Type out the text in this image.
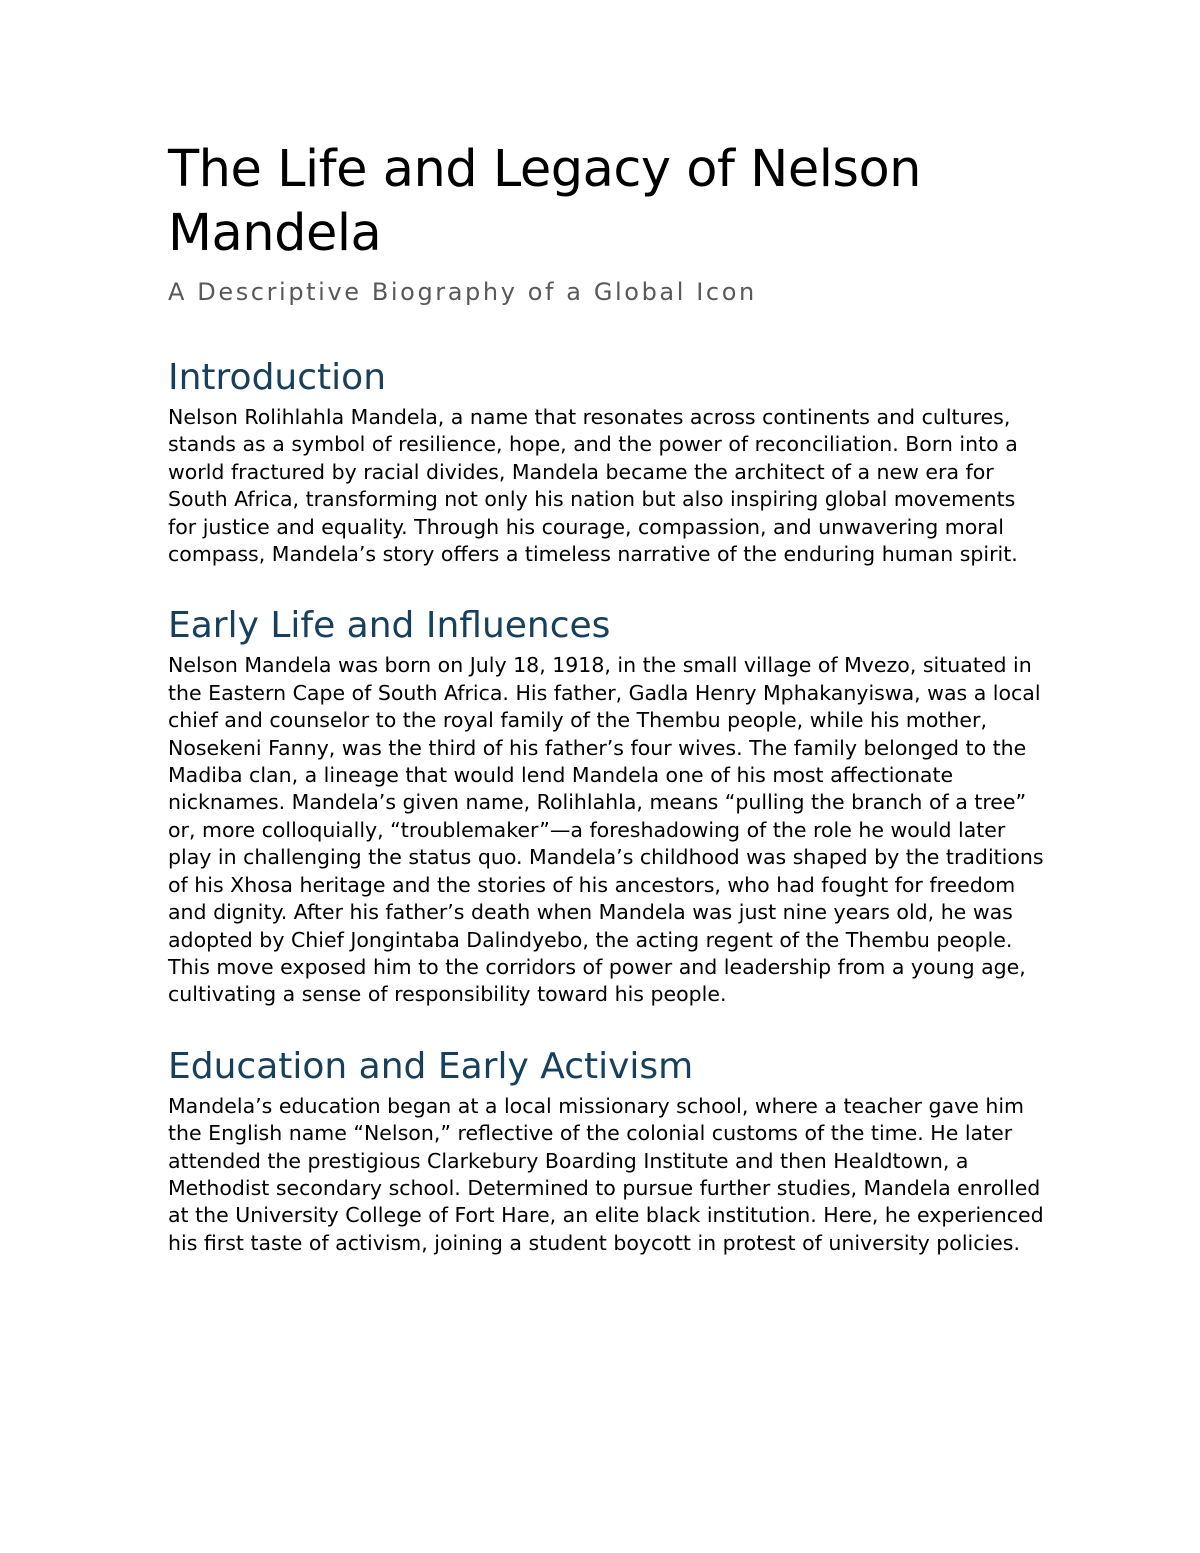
The Life and Legacy of Nelson Mandela
A Descriptive Biography of a Global Icon
Introduction

Nelson Rolihlahla Mandela, a name that resonates across continents and cultures, stands as a symbol of resilience, hope, and the power of reconciliation. Born into a world fractured by racial divides, Mandela became the architect of a new era for South Africa, transforming not only his nation but also inspiring global movements for justice and equality. Through his courage, compassion, and unwavering moral compass, Mandela’s story offers a timeless narrative of the enduring human spirit.

Early Life and Influences

Nelson Mandela was born on July 18, 1918, in the small village of Mvezo, situated in the Eastern Cape of South Africa. His father, Gadla Henry Mphakanyiswa, was a local chief and counselor to the royal family of the Thembu people, while his mother, Nosekeni Fanny, was the third of his father’s four wives. The family belonged to the Madiba clan, a lineage that would lend Mandela one of his most affectionate nicknames. Mandela’s given name, Rolihlahla, means “pulling the branch of a tree” or, more colloquially, “troublemaker”—a foreshadowing of the role he would later play in challenging the status quo. Mandela’s childhood was shaped by the traditions of his Xhosa heritage and the stories of his ancestors, who had fought for freedom and dignity. After his father’s death when Mandela was just nine years old, he was adopted by Chief Jongintaba Dalindyebo, the acting regent of the Thembu people. This move exposed him to the corridors of power and leadership from a young age, cultivating a sense of responsibility toward his people.

Education and Early Activism

Mandela’s education began at a local missionary school, where a teacher gave him the English name “Nelson,” reflective of the colonial customs of the time. He later attended the prestigious Clarkebury Boarding Institute and then Healdtown, a Methodist secondary school. Determined to pursue further studies, Mandela enrolled at the University College of Fort Hare, an elite black institution. Here, he experienced his first taste of activism, joining a student boycott in protest of university policies.
